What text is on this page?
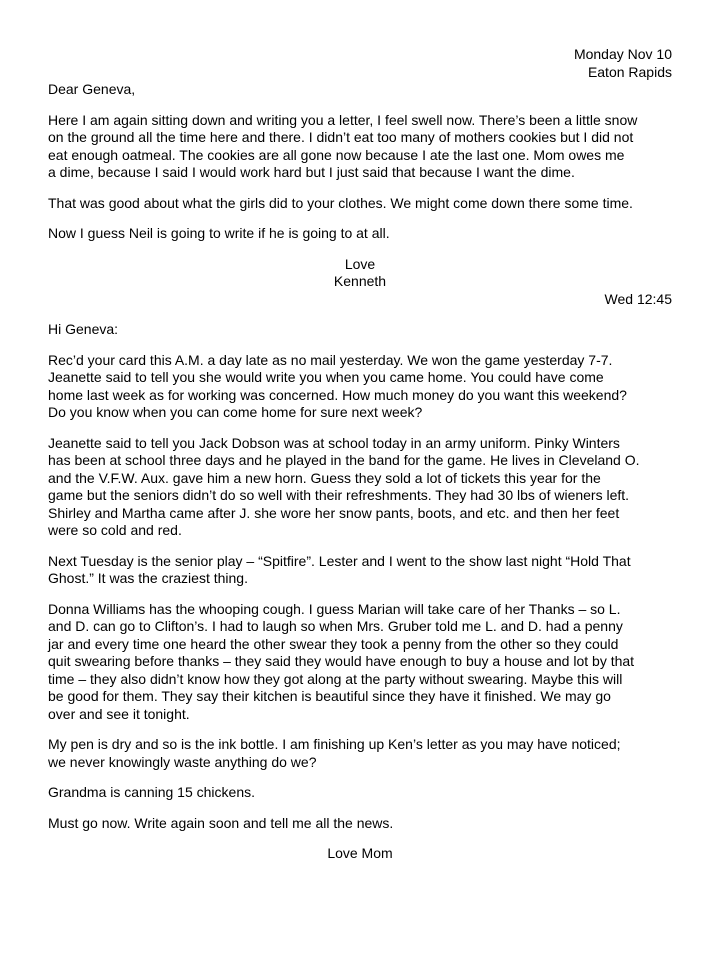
Monday Nov 10

Eaton Rapids

Dear Geneva,

Here I am again sitting down and writing you a letter, I feel swell now. There’s been a little snow
on the ground all the time here and there. I didn’t eat too many of mothers cookies but I did not
eat enough oatmeal. The cookies are all gone now because I ate the last one. Mom owes me
a dime, because I said I would work hard but I just said that because I want the dime.

That was good about what the girls did to your clothes. We might come down there some time.

Now I guess Neil is going to write if he is going to at all.

Love

Kenneth

Wed 12:45

Hi Geneva:

Rec’d your card this A.M. a day late as no mail yesterday. We won the game yesterday 7-7.
Jeanette said to tell you she would write you when you came home. You could have come
home last week as for working was concerned. How much money do you want this weekend?
Do you know when you can come home for sure next week?

Jeanette said to tell you Jack Dobson was at school today in an army uniform. Pinky Winters
has been at school three days and he played in the band for the game. He lives in Cleveland O.
and the V.F.W. Aux. gave him a new horn. Guess they sold a lot of tickets this year for the
game but the seniors didn’t do so well with their refreshments. They had 30 lbs of wieners left.
Shirley and Martha came after J. she wore her snow pants, boots, and etc. and then her feet
were so cold and red.

Next Tuesday is the senior play – “Spitfire”. Lester and I went to the show last night “Hold That
Ghost.” It was the craziest thing.

Donna Williams has the whooping cough. I guess Marian will take care of her Thanks – so L.
and D. can go to Clifton’s. I had to laugh so when Mrs. Gruber told me L. and D. had a penny
jar and every time one heard the other swear they took a penny from the other so they could
quit swearing before thanks – they said they would have enough to buy a house and lot by that
time – they also didn’t know how they got along at the party without swearing. Maybe this will
be good for them. They say their kitchen is beautiful since they have it finished. We may go
over and see it tonight.

My pen is dry and so is the ink bottle. I am finishing up Ken’s letter as you may have noticed;
we never knowingly waste anything do we?

Grandma is canning 15 chickens.

Must go now. Write again soon and tell me all the news.

Love Mom
